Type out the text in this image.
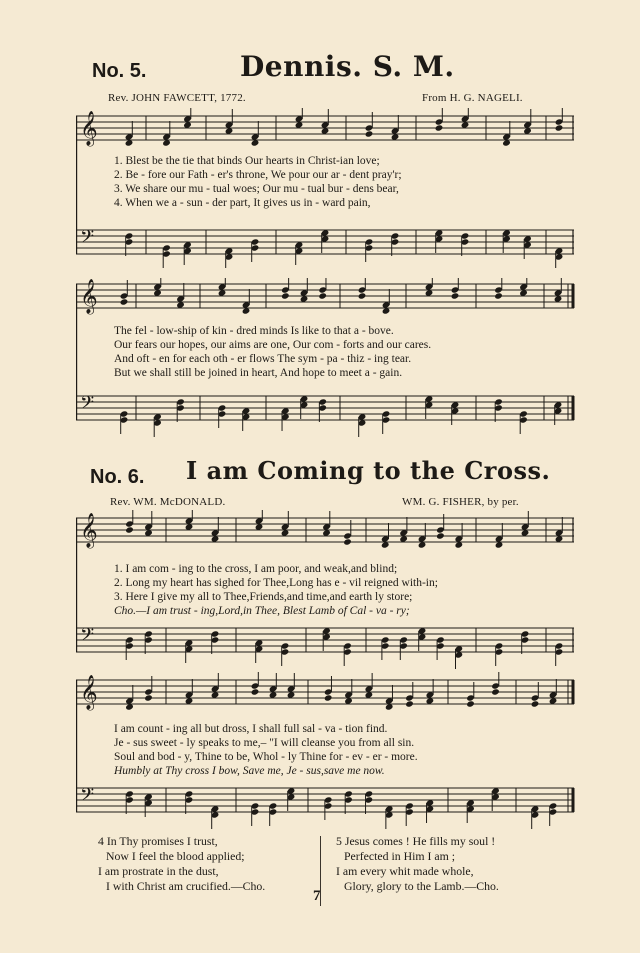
No. 5.	Dennis. S. M.
Rev. JOHN FAWCETT, 1772.	From H. G. NAGELI.
𝄞
𝄢
1. Blest be the tie that binds Our hearts in Christ-ian love;
2. Be - fore our Fath - er's throne, We pour our ar - dent pray'r;
3. We share our mu - tual woes; Our mu - tual bur - dens bear,
4. When we a - sun - der part, It gives us in - ward pain,
𝄞
𝄢
The fel - low-ship of kin - dred minds Is like to that a - bove.
Our fears our hopes, our aims are one, Our com - forts and our cares.
And oft - en for each oth - er flows The sym - pa - thiz - ing tear.
But we shall still be joined in heart, And hope to meet a - gain.
No. 6. I am Coming to the Cross.
Rev. WM. McDONALD.	WM. G. FISHER, by per.
𝄞
𝄢
1. I am com - ing to the cross, I am poor, and weak,and blind;
2. Long my heart has sighed for Thee,Long has e - vil reigned with-in;
3. Here I give my all to Thee,Friends,and time,and earth ly store;
Cho.—I am trust - ing,Lord,in Thee, Blest Lamb of Cal - va - ry;
𝄞
𝄢
I am count - ing all but dross, I shall full sal - va - tion find.
Je - sus sweet - ly speaks to me,– "I will cleanse you from all sin.
Soul and bod - y, Thine to be, Whol - ly Thine for - ev - er - more.
Humbly at Thy cross I bow, Save me, Je - sus,save me now.
4 In Thy promises I trust,
Now I feel the blood applied;
I am prostrate in the dust,
I with Christ am crucified.—Cho.
5 Jesus comes ! He fills my soul !
Perfected in Him I am ;
I am every whit made whole,
Glory, glory to the Lamb.—Cho.
7
